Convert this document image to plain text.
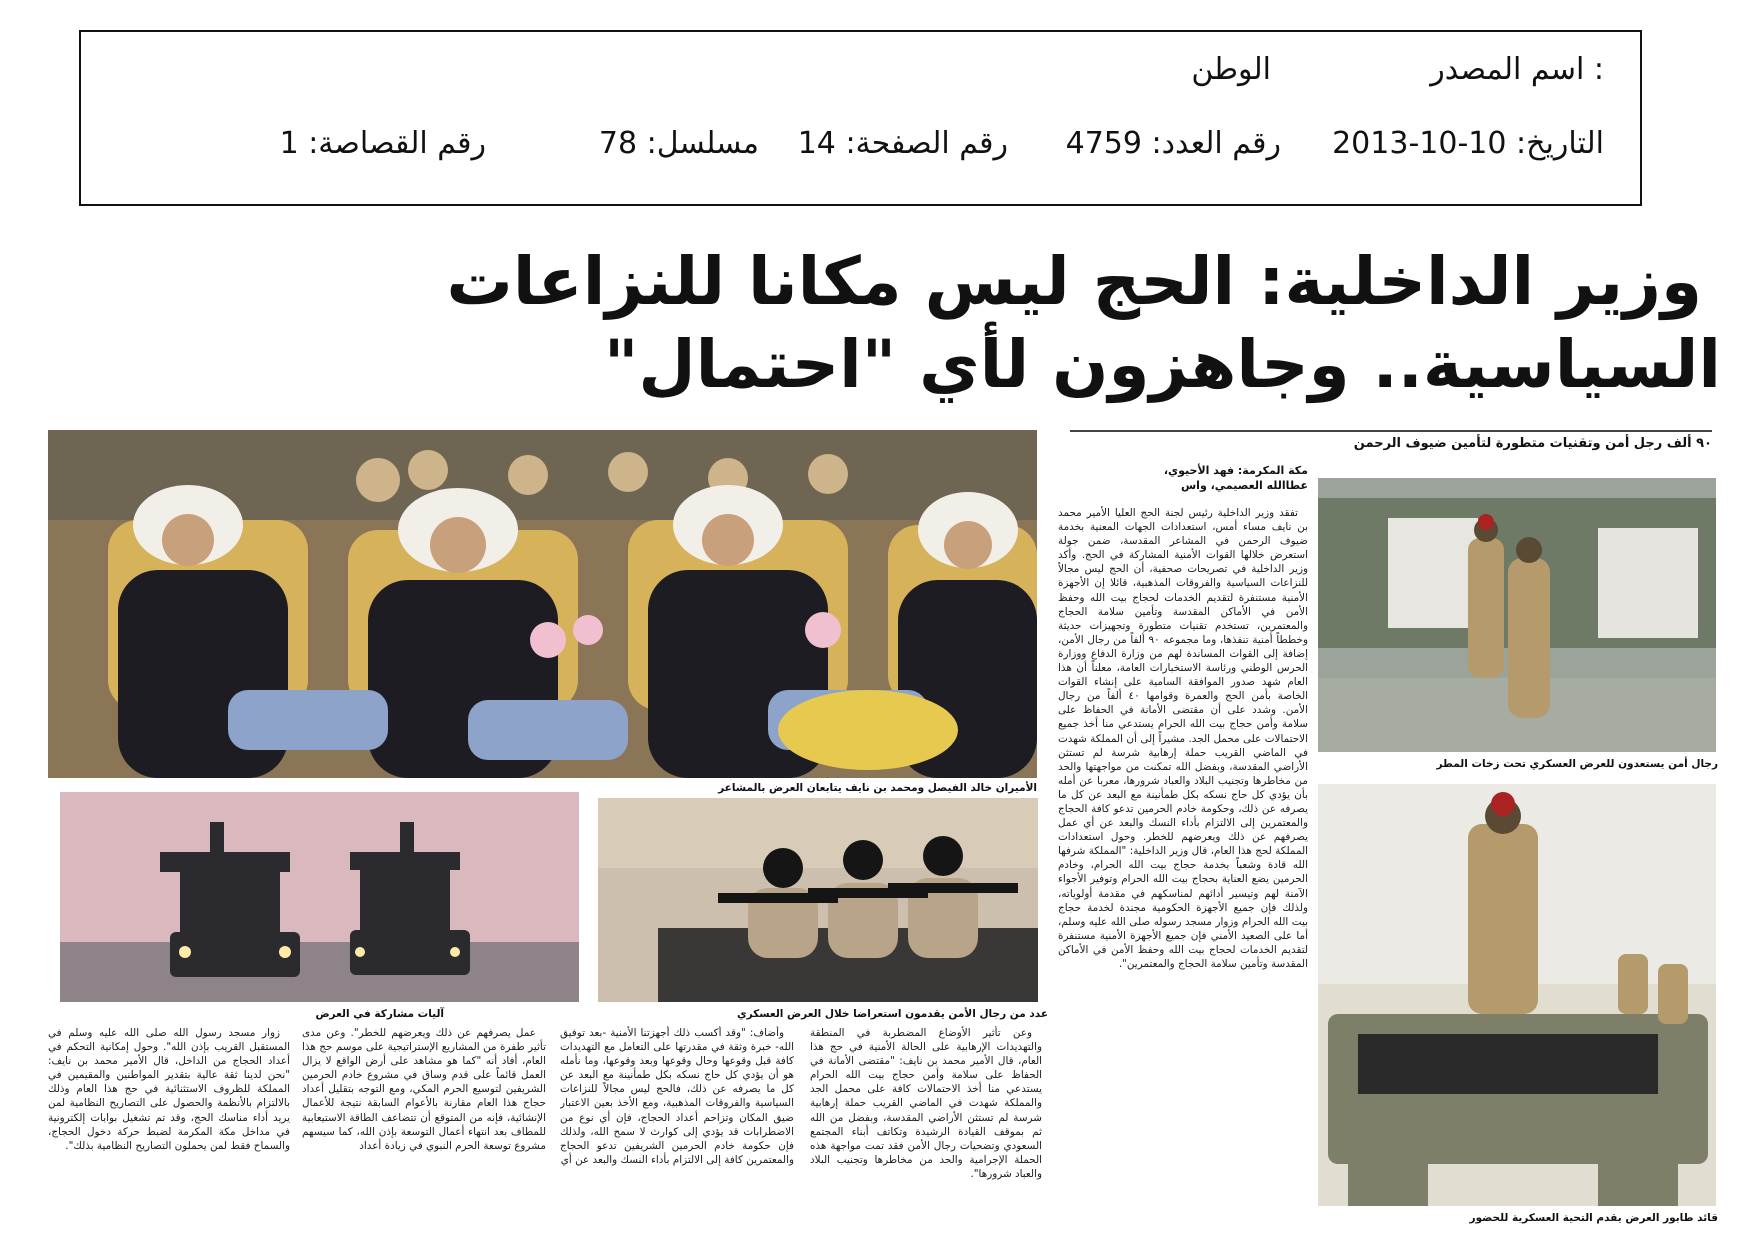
اسم المصدر :
الوطن
التاريخ: 10-10-2013
رقم العدد: 4759
رقم الصفحة: 14
مسلسل: 78
رقم القصاصة: 1
وزير الداخلية: الحج ليس مكانا للنزاعات
السياسية.. وجاهزون لأي "احتمال"
٩٠ ألف رجل أمن وتقنيات متطورة لتأمين ضيوف الرحمن
الأميران خالد الفيصل ومحمد بن نايف يتابعان العرض بالمشاعر
رجال أمن يستعدون للعرض العسكري تحت زخات المطر
آليات مشاركة في العرض	عدد من رجال الأمن يقدمون استعراضا خلال العرض العسكري
قائد طابور العرض يقدم التحية العسكرية للحضور
مكة المكرمة: فهد الأحيوي،
عطاالله العصيمي، واس

تفقد وزير الداخلية رئيس لجنة الحج العليا الأمير محمد بن نايف مساء أمس، استعدادات الجهات المعنية بخدمة ضيوف الرحمن في المشاعر المقدسة، ضمن جولة استعرض خلالها القوات الأمنية المشاركة في الحج. وأكد وزير الداخلية في تصريحات صحفية، أن الحج ليس مجالاً للنزاعات السياسية والفروقات المذهبية، قائلا إن الأجهزة الأمنية مستنفرة لتقديم الخدمات لحجاج بيت الله وحفظ الأمن في الأماكن المقدسة وتأمين سلامة الحجاج والمعتمرين، تستخدم تقنيات متطورة وتجهيزات حديثة وخططاً أمنية تنفذها، وما مجموعه ٩٠ ألفاً من رجال الأمن، إضافة إلى القوات المساندة لهم من وزارة الدفاع ووزارة الحرس الوطني ورئاسة الاستخبارات العامة، معلناً أن هذا العام شهد صدور الموافقة السامية على إنشاء القوات الخاصة بأمن الحج والعمرة وقوامها ٤٠ ألفاً من رجال الأمن. وشدد على أن مقتضى الأمانة في الحفاظ على سلامة وأمن حجاج بيت الله الحرام يستدعي منا أخذ جميع الاحتمالات على محمل الجد. مشيراً إلى أن المملكة شهدت في الماضي القريب حملة إرهابية شرسة لم تستثن الأراضي المقدسة، وبفضل الله تمكنت من مواجهتها والحد من مخاطرها وتجنيب البلاد والعباد شرورها، معربا عن أمله بأن يؤدي كل حاج نسكه بكل طمأنينة مع البعد عن كل ما يصرفه عن ذلك، وحكومة خادم الحرمين تدعو كافة الحجاج والمعتمرين إلى الالتزام بأداء النسك والبعد عن أي عمل يصرفهم عن ذلك ويعرضهم للخطر. وحول استعدادات المملكة لحج هذا العام، قال وزير الداخلية: "المملكة شرفها الله قادة وشعباً بخدمة حجاج بيت الله الحرام، وخادم الحرمين يضع العناية بحجاج بيت الله الحرام وتوفير الأجواء الآمنة لهم وتيسير أدائهم لمناسكهم في مقدمة أولوياته، ولذلك فإن جميع الأجهزة الحكومية مجندة لخدمة حجاج بيت الله الحرام وزوار مسجد رسوله صلى الله عليه وسلم، أما على الصعيد الأمني فإن جميع الأجهزة الأمنية مستنفرة لتقديم الخدمات لحجاج بيت الله وحفظ الأمن في الأماكن المقدسة وتأمين سلامة الحجاج والمعتمرين".

وعن تأثير الأوضاع المضطربة في المنطقة والتهديدات الإرهابية على الحالة الأمنية في حج هذا العام، قال الأمير محمد بن نايف: "مقتضى الأمانة في الحفاظ على سلامة وأمن حجاج بيت الله الحرام يستدعي منا أخذ الاحتمالات كافة على محمل الجد والمملكة شهدت في الماضي القريب حملة إرهابية شرسة لم تستثن الأراضي المقدسة، وبفضل من الله ثم بموقف القيادة الرشيدة وتكاتف أبناء المجتمع السعودي وتضحيات رجال الأمن فقد تمت مواجهة هذه الحملة الإجرامية والحد من مخاطرها وتجنيب البلاد والعباد شرورها".

وأضاف: "وقد أكسب ذلك أجهزتنا الأمنية -بعد توفيق الله- خبرة وثقة في مقدرتها على التعامل مع التهديدات كافة قبل وقوعها وحال وقوعها وبعد وقوعها، وما نأمله هو أن يؤدي كل حاج نسكه بكل طمأنينة مع البعد عن كل ما يصرفه عن ذلك، فالحج ليس مجالاً للنزاعات السياسية والفروقات المذهبية، ومع الأخذ بعين الاعتبار ضيق المكان وتزاحم أعداد الحجاج، فإن أي نوع من الاضطرابات قد يؤدي إلى كوارث لا سمح الله، ولذلك فإن حكومة خادم الحرمين الشريفين تدعو الحجاج والمعتمرين كافة إلى الالتزام بأداء النسك والبعد عن أي

عمل يصرفهم عن ذلك ويعرضهم للخطر". وعن مدى تأثير طفرة من المشاريع الإستراتيجية على موسم حج هذا العام، أفاد أنه "كما هو مشاهد على أرض الواقع لا يزال العمل قائماً على قدم وساق في مشروع خادم الحرمين الشريفين لتوسيع الحرم المكي، ومع التوجه بتقليل أعداد حجاج هذا العام مقارنة بالأعوام السابقة نتيجة للأعمال الإنشائية، فإنه من المتوقع أن تتضاعف الطاقة الاستيعابية للمطاف بعد انتهاء أعمال التوسعة بإذن الله، كما سيسهم مشروع توسعة الحرم النبوي في زيادة أعداد

زوار مسجد رسول الله صلى الله عليه وسلم في المستقبل القريب بإذن الله". وحول إمكانية التحكم في أعداد الحجاج من الداخل، قال الأمير محمد بن نايف: "نحن لدينا ثقة عالية بتقدير المواطنين والمقيمين في المملكة للظروف الاستثنائية في حج هذا العام وذلك بالالتزام بالأنظمة والحصول على التصاريح النظامية لمن يريد أداء مناسك الحج، وقد تم تشغيل بوابات إلكترونية في مداخل مكة المكرمة لضبط حركة دخول الحجاج، والسماح فقط لمن يحملون التصاريح النظامية بذلك".
